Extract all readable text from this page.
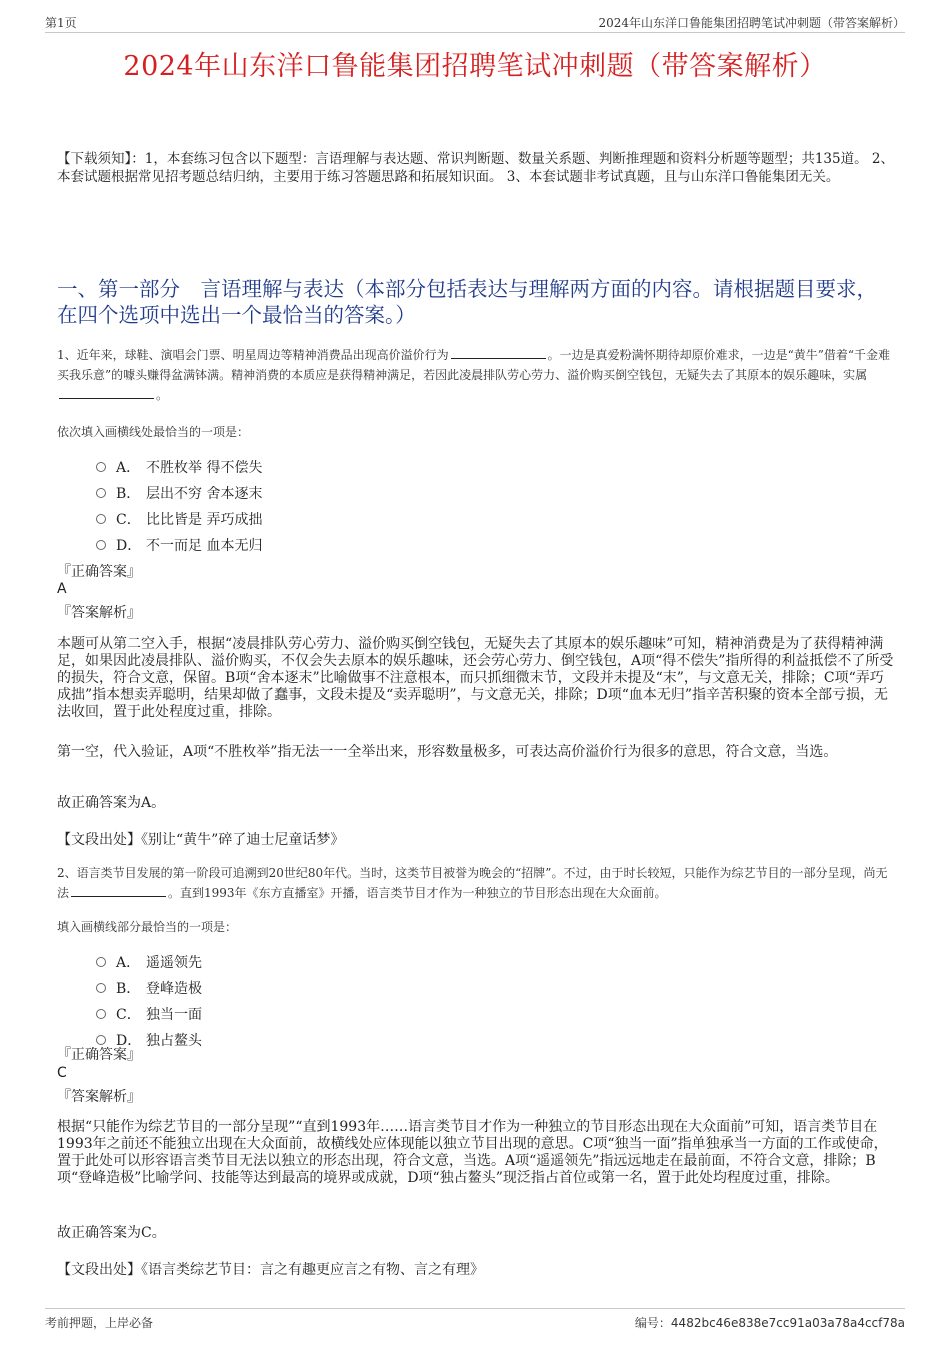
第1页	2024年山东洋口鲁能集团招聘笔试冲刺题（带答案解析）
2024年山东洋口鲁能集团招聘笔试冲刺题（带答案解析）
【下载须知】：1，本套练习包含以下题型：言语理解与表达题、常识判断题、数量关系题、判断推理题和资料分析题等题型；共135道。 2、本套试题根据常见招考题总结归纳，主要用于练习答题思路和拓展知识面。 3、本套试题非考试真题，且与山东洋口鲁能集团无关。
一、第一部分　言语理解与表达（本部分包括表达与理解两方面的内容。请根据题目要求，在四个选项中选出一个最恰当的答案。）
1、近年来，球鞋、演唱会门票、明星周边等精神消费品出现高价溢价行为	。一边是真爱粉满怀期待却原价难求，一边是“黄牛”借着“千金难买我乐意”的噱头赚得盆满钵满。精神消费的本质应是获得精神满足，若因此凌晨排队劳心劳力、溢价购买倒空钱包，无疑失去了其原本的娱乐趣味，实属。
依次填入画横线处最恰当的一项是：
A． 不胜枚举 得不偿失
B． 层出不穷 舍本逐末
C． 比比皆是 弄巧成拙
D． 不一而足 血本无归
『正确答案』
A
『答案解析』
本题可从第二空入手，根据“凌晨排队劳心劳力、溢价购买倒空钱包，无疑失去了其原本的娱乐趣味”可知，精神消费是为了获得精神满足，如果因此凌晨排队、溢价购买，不仅会失去原本的娱乐趣味，还会劳心劳力、倒空钱包，A项“得不偿失”指所得的利益抵偿不了所受的损失，符合文意，保留。B项“舍本逐末”比喻做事不注意根本，而只抓细微末节，文段并未提及“末”，与文意无关，排除；C项“弄巧成拙”指本想卖弄聪明，结果却做了蠢事，文段未提及“卖弄聪明”，与文意无关，排除；D项“血本无归”指辛苦积聚的资本全部亏损，无法收回，置于此处程度过重，排除。
第一空，代入验证，A项“不胜枚举”指无法一一全举出来，形容数量极多，可表达高价溢价行为很多的意思，符合文意，当选。
故正确答案为A。
【文段出处】《别让“黄牛”碎了迪士尼童话梦》
2、语言类节目发展的第一阶段可追溯到20世纪80年代。当时，这类节目被誉为晚会的“招牌”。不过，由于时长较短，只能作为综艺节目的一部分呈现，尚无法	。直到1993年《东方直播室》开播，语言类节目才作为一种独立的节目形态出现在大众面前。
填入画横线部分最恰当的一项是：
A． 遥遥领先
B． 登峰造极
C． 独当一面
D． 独占鳌头
『正确答案』
C
『答案解析』
根据“只能作为综艺节目的一部分呈现”“直到1993年……语言类节目才作为一种独立的节目形态出现在大众面前”可知，语言类节目在1993年之前还不能独立出现在大众面前，故横线处应体现能以独立节目出现的意思。C项“独当一面”指单独承当一方面的工作或使命，置于此处可以形容语言类节目无法以独立的形态出现，符合文意，当选。A项“遥遥领先”指远远地走在最前面，不符合文意，排除；B项“登峰造极”比喻学问、技能等达到最高的境界或成就，D项“独占鳌头”现泛指占首位或第一名，置于此处均程度过重，排除。
故正确答案为C。
【文段出处】《语言类综艺节目：言之有趣更应言之有物、言之有理》
考前押题，上岸必备	编号：4482bc46e838e7cc91a03a78a4ccf78a
